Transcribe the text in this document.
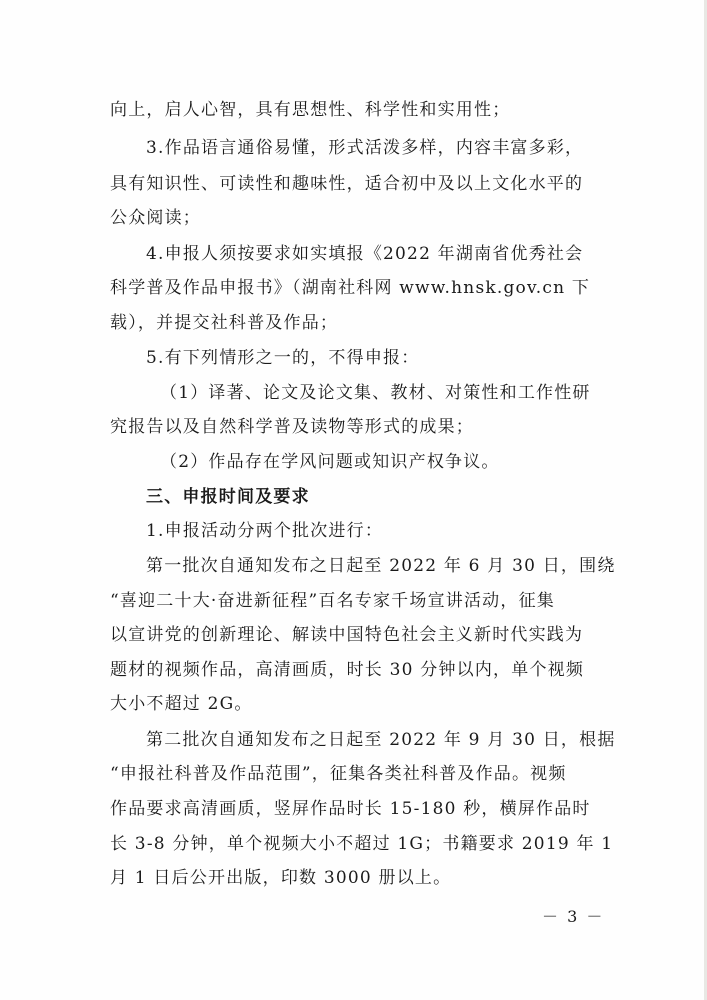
向上，启人心智，具有思想性、科学性和实用性；
3.作品语言通俗易懂，形式活泼多样，内容丰富多彩，
具有知识性、可读性和趣味性，适合初中及以上文化水平的
公众阅读；
4.申报人须按要求如实填报《2022 年湖南省优秀社会
科学普及作品申报书》（湖南社科网 www.hnsk.gov.cn 下
载），并提交社科普及作品；
5.有下列情形之一的，不得申报：
（1）译著、论文及论文集、教材、对策性和工作性研
究报告以及自然科学普及读物等形式的成果；
（2）作品存在学风问题或知识产权争议。
三、申报时间及要求
1.申报活动分两个批次进行：
第一批次自通知发布之日起至 2022 年 6 月 30 日，围绕
“喜迎二十大·奋进新征程”百名专家千场宣讲活动，征集
以宣讲党的创新理论、解读中国特色社会主义新时代实践为
题材的视频作品，高清画质，时长 30 分钟以内，单个视频
大小不超过 2G。
第二批次自通知发布之日起至 2022 年 9 月 30 日，根据
“申报社科普及作品范围”，征集各类社科普及作品。视频
作品要求高清画质，竖屏作品时长 15-180 秒，横屏作品时
长 3-8 分钟，单个视频大小不超过 1G；书籍要求 2019 年 1
月 1 日后公开出版，印数 3000 册以上。
－ 3 －
